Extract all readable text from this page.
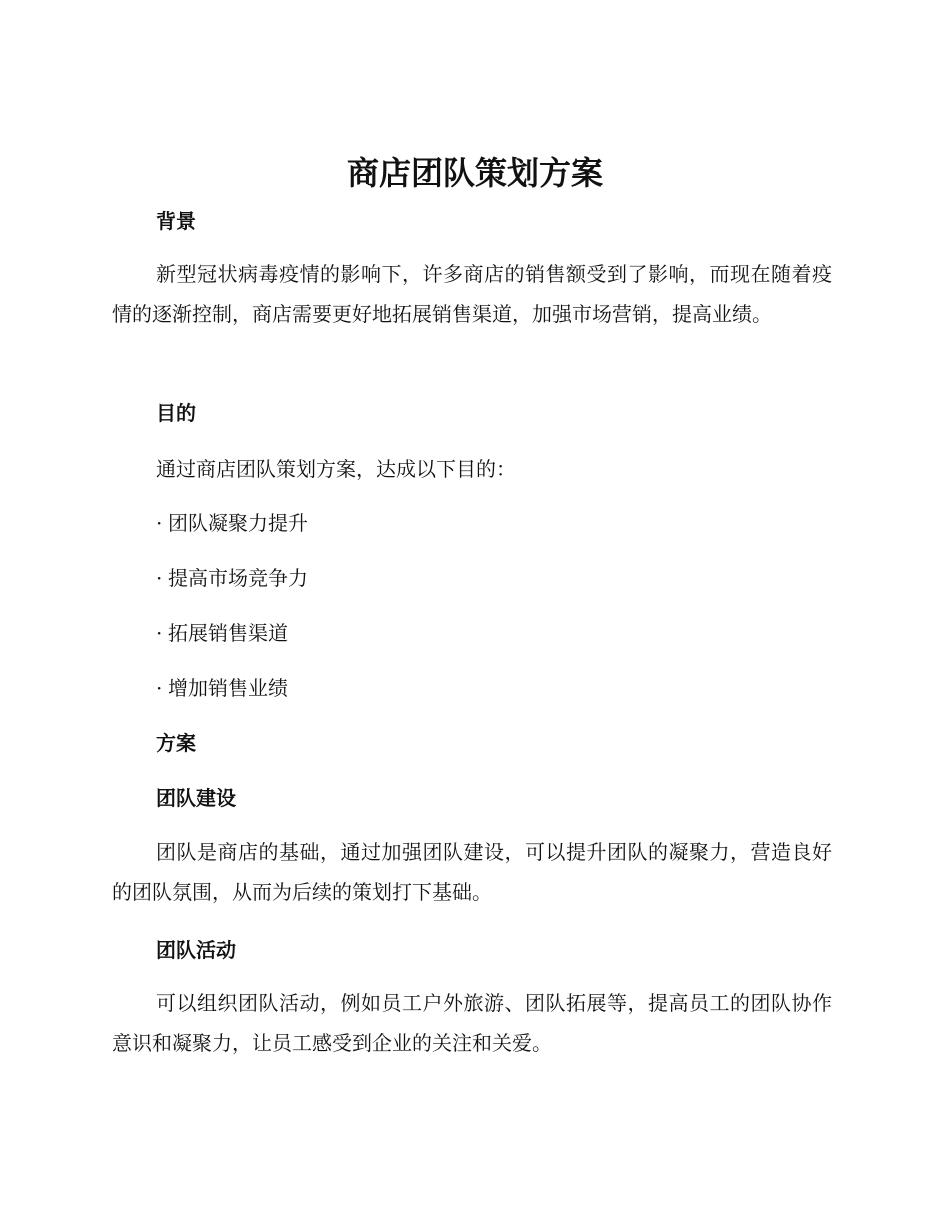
商店团队策划方案
背景

新型冠状病毒疫情的影响下，许多商店的销售额受到了影响，而现在随着疫情的逐渐控制，商店需要更好地拓展销售渠道，加强市场营销，提高业绩。

目的

通过商店团队策划方案，达成以下目的：

· 团队凝聚力提升
· 提高市场竞争力
· 拓展销售渠道
· 增加销售业绩
方案
团队建设

团队是商店的基础，通过加强团队建设，可以提升团队的凝聚力，营造良好的团队氛围，从而为后续的策划打下基础。

团队活动

可以组织团队活动，例如员工户外旅游、团队拓展等，提高员工的团队协作意识和凝聚力，让员工感受到企业的关注和关爱。
